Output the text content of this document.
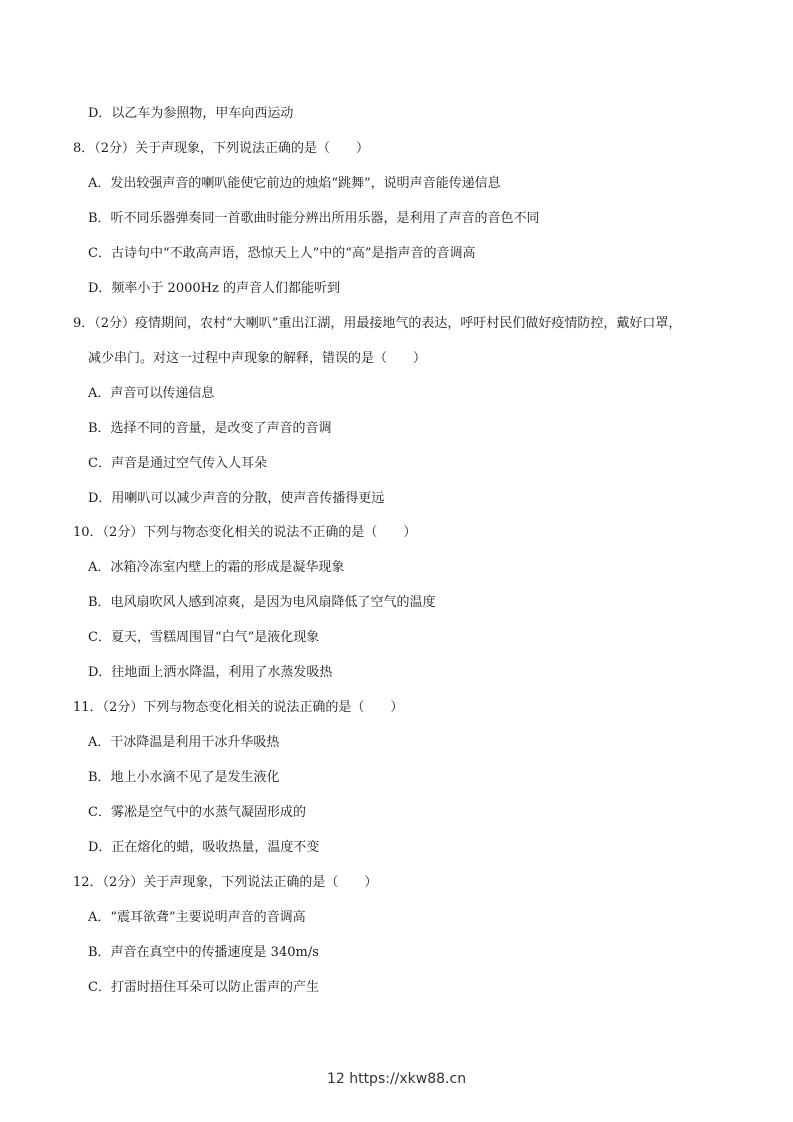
D．以乙车为参照物，甲车向西运动
8．（2分）关于声现象，下列说法正确的是（　　）
A．发出较强声音的喇叭能使它前边的烛焰“跳舞”，说明声音能传递信息
B．听不同乐器弹奏同一首歌曲时能分辨出所用乐器，是利用了声音的音色不同
C．古诗句中“不敢高声语，恐惊天上人”中的“高”是指声音的音调高
D．频率小于 2000Hz 的声音人们都能听到
9．（2分）疫情期间，农村“大喇叭”重出江湖，用最接地气的表达，呼吁村民们做好疫情防控，戴好口罩，
减少串门。对这一过程中声现象的解释，错误的是（　　）
A．声音可以传递信息
B．选择不同的音量，是改变了声音的音调
C．声音是通过空气传入人耳朵
D．用喇叭可以减少声音的分散，使声音传播得更远
10．（2分）下列与物态变化相关的说法不正确的是（　　）
A．冰箱冷冻室内壁上的霜的形成是凝华现象
B．电风扇吹风人感到凉爽，是因为电风扇降低了空气的温度
C．夏天，雪糕周围冒“白气”是液化现象
D．往地面上洒水降温，利用了水蒸发吸热
11．（2分）下列与物态变化相关的说法正确的是（　　）
A．干冰降温是利用干冰升华吸热
B．地上小水滴不见了是发生液化
C．雾凇是空气中的水蒸气凝固形成的
D．正在熔化的蜡，吸收热量，温度不变
12．（2分）关于声现象，下列说法正确的是（　　）
A．“震耳欲聋”主要说明声音的音调高
B．声音在真空中的传播速度是 340m/s
C．打雷时捂住耳朵可以防止雷声的产生
12 https://xkw88.cn
